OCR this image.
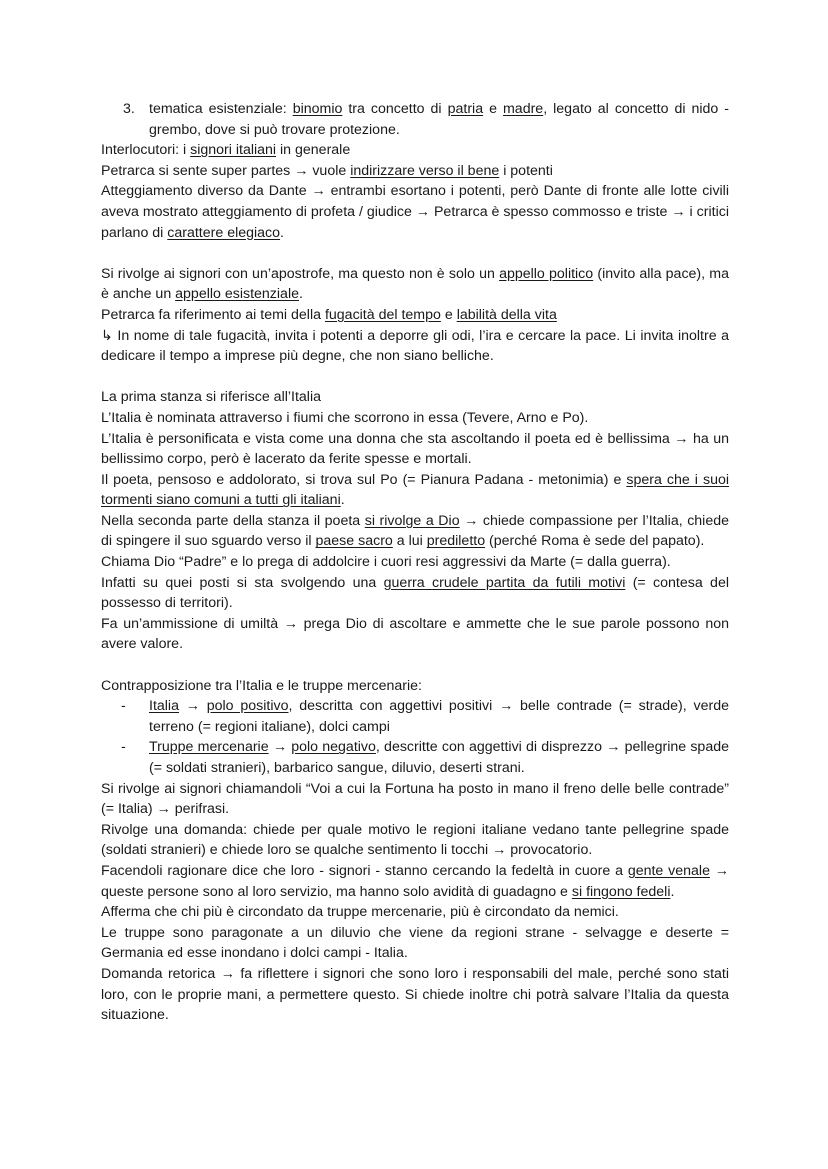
3. tematica esistenziale: binomio tra concetto di patria e madre, legato al concetto di nido - grembo, dove si può trovare protezione.

Interlocutori: i signori italiani in generale

Petrarca si sente super partes → vuole indirizzare verso il bene i potenti

Atteggiamento diverso da Dante → entrambi esortano i potenti, però Dante di fronte alle lotte civili aveva mostrato atteggiamento di profeta / giudice → Petrarca è spesso commosso e triste → i critici parlano di carattere elegiaco.

Si rivolge ai signori con un’apostrofe, ma questo non è solo un appello politico (invito alla pace), ma è anche un appello esistenziale.

Petrarca fa riferimento ai temi della fugacità del tempo e labilità della vita

↳ In nome di tale fugacità, invita i potenti a deporre gli odi, l’ira e cercare la pace. Li invita inoltre a dedicare il tempo a imprese più degne, che non siano belliche.

La prima stanza si riferisce all’Italia

L’Italia è nominata attraverso i fiumi che scorrono in essa (Tevere, Arno e Po).

L’Italia è personificata e vista come una donna che sta ascoltando il poeta ed è bellissima → ha un bellissimo corpo, però è lacerato da ferite spesse e mortali.

Il poeta, pensoso e addolorato, si trova sul Po (= Pianura Padana - metonimia) e spera che i suoi tormenti siano comuni a tutti gli italiani.

Nella seconda parte della stanza il poeta si rivolge a Dio → chiede compassione per l’Italia, chiede di spingere il suo sguardo verso il paese sacro a lui prediletto (perché Roma è sede del papato).

Chiama Dio “Padre” e lo prega di addolcire i cuori resi aggressivi da Marte (= dalla guerra).

Infatti su quei posti si sta svolgendo una guerra crudele partita da futili motivi (= contesa del possesso di territori).

Fa un’ammissione di umiltà → prega Dio di ascoltare e ammette che le sue parole possono non avere valore.

Contrapposizione tra l’Italia e le truppe mercenarie:

-	Italia → polo positivo, descritta con aggettivi positivi → belle contrade (= strade), verde terreno (= regioni italiane), dolci campi
-	Truppe mercenarie → polo negativo, descritte con aggettivi di disprezzo → pellegrine spade (= soldati stranieri), barbarico sangue, diluvio, deserti strani.

Si rivolge ai signori chiamandoli “Voi a cui la Fortuna ha posto in mano il freno delle belle contrade” (= Italia) → perifrasi.

Rivolge una domanda: chiede per quale motivo le regioni italiane vedano tante pellegrine spade (soldati stranieri) e chiede loro se qualche sentimento li tocchi → provocatorio.

Facendoli ragionare dice che loro - signori - stanno cercando la fedeltà in cuore a gente venale → queste persone sono al loro servizio, ma hanno solo avidità di guadagno e si fingono fedeli.

Afferma che chi più è circondato da truppe mercenarie, più è circondato da nemici.

Le truppe sono paragonate a un diluvio che viene da regioni strane - selvagge e deserte = Germania ed esse inondano i dolci campi - Italia.

Domanda retorica → fa riflettere i signori che sono loro i responsabili del male, perché sono stati loro, con le proprie mani, a permettere questo. Si chiede inoltre chi potrà salvare l’Italia da questa situazione.
